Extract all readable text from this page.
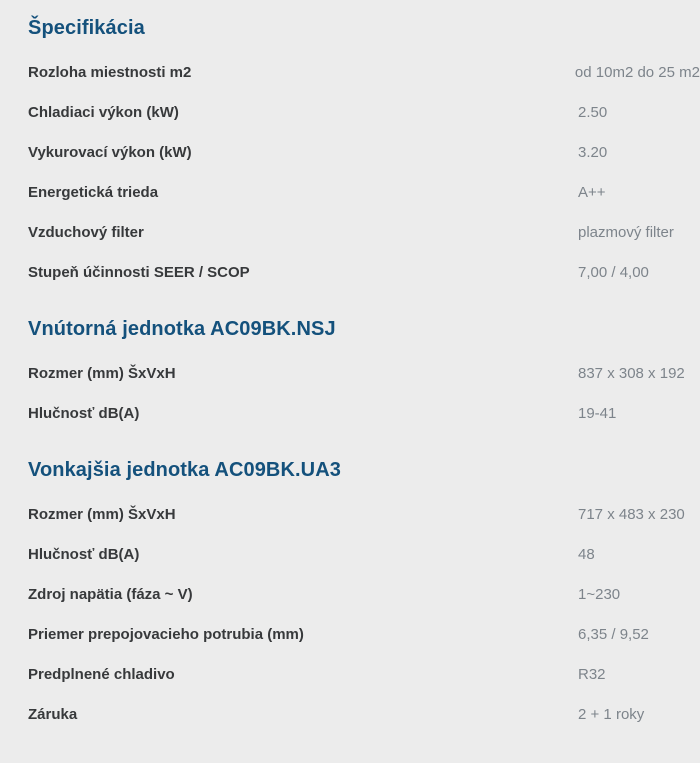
Špecifikácia
Rozloha miestnosti m2	od 10m2 do 25 m2
Chladiaci výkon (kW)	2.50
Vykurovací výkon (kW)	3.20
Energetická trieda	A++
Vzduchový filter	plazmový filter
Stupeň účinnosti SEER / SCOP	7,00 / 4,00
Vnútorná jednotka AC09BK.NSJ
Rozmer (mm) ŠxVxH	837 x 308 x 192
Hlučnosť dB(A)	19-41
Vonkajšia jednotka AC09BK.UA3
Rozmer (mm) ŠxVxH	717 x 483 x 230
Hlučnosť dB(A)	48
Zdroj napätia (fáza ~ V)	1~230
Priemer prepojovacieho potrubia (mm)	6,35 / 9,52
Predplnené chladivo	R32
Záruka	2 + 1 roky
